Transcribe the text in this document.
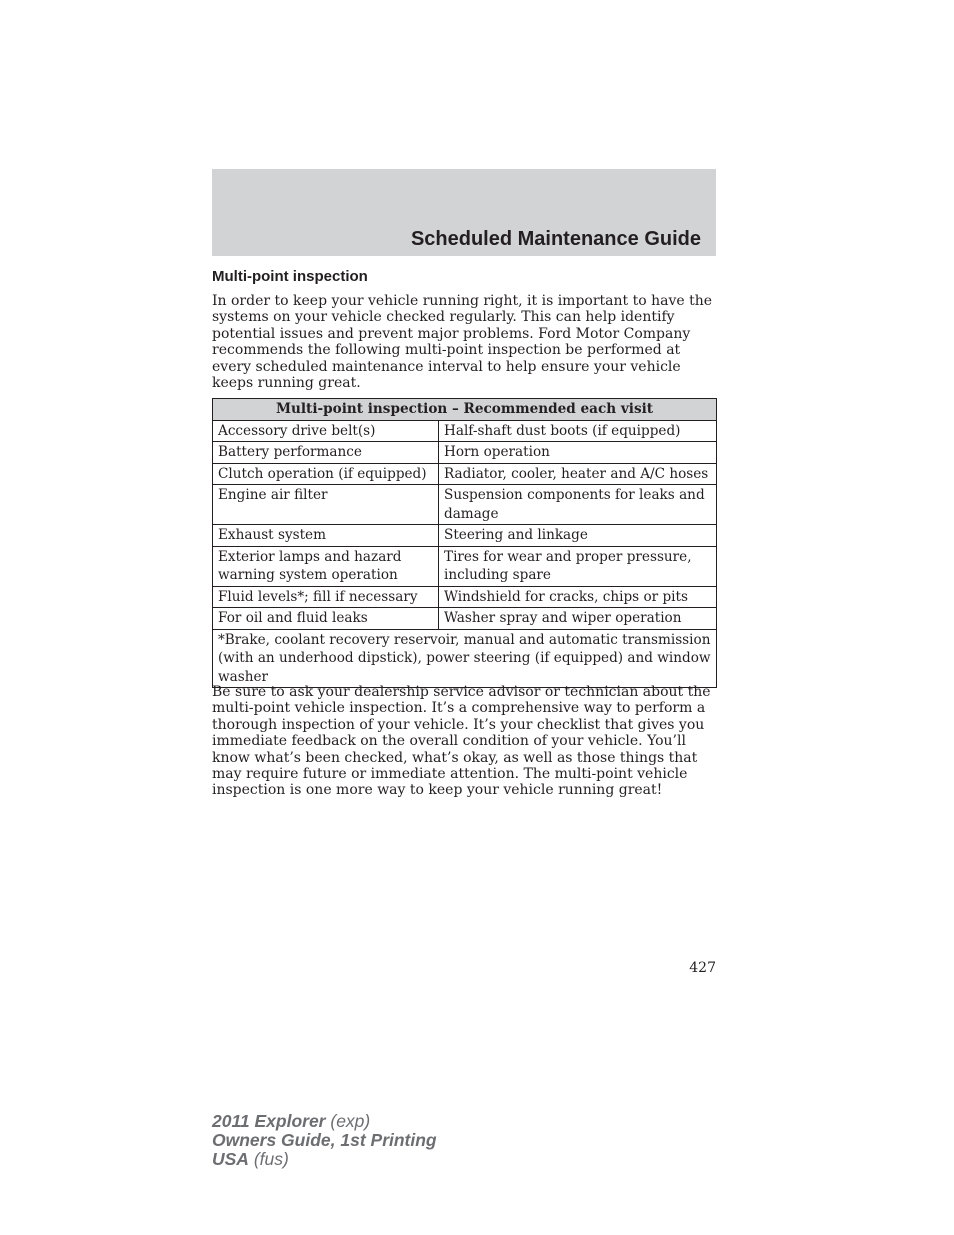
Scheduled Maintenance Guide
Multi-point inspection

In order to keep your vehicle running right, it is important to have the systems on your vehicle checked regularly. This can help identify potential issues and prevent major problems. Ford Motor Company recommends the following multi-point inspection be performed at every scheduled maintenance interval to help ensure your vehicle keeps running great.

Multi-point inspection – Recommended each visit	
Accessory drive belt(s)	Half-shaft dust boots (if equipped)
Battery performance	Horn operation
Clutch operation (if equipped)	Radiator, cooler, heater and A/C hoses
Engine air filter	Suspension components for leaks and damage
Exhaust system	Steering and linkage
Exterior lamps and hazard warning system operation	Tires for wear and proper pressure, including spare
Fluid levels*; fill if necessary	Windshield for cracks, chips or pits
For oil and fluid leaks	Washer spray and wiper operation
*Brake, coolant recovery reservoir, manual and automatic transmission (with an underhood dipstick), power steering (if equipped) and window washer	

Be sure to ask your dealership service advisor or technician about the multi-point vehicle inspection. It’s a comprehensive way to perform a thorough inspection of your vehicle. It’s your checklist that gives you immediate feedback on the overall condition of your vehicle. You’ll know what’s been checked, what’s okay, as well as those things that may require future or immediate attention. The multi-point vehicle inspection is one more way to keep your vehicle running great!

427
2011 Explorer (exp)
Owners Guide, 1st Printing
USA (fus)
